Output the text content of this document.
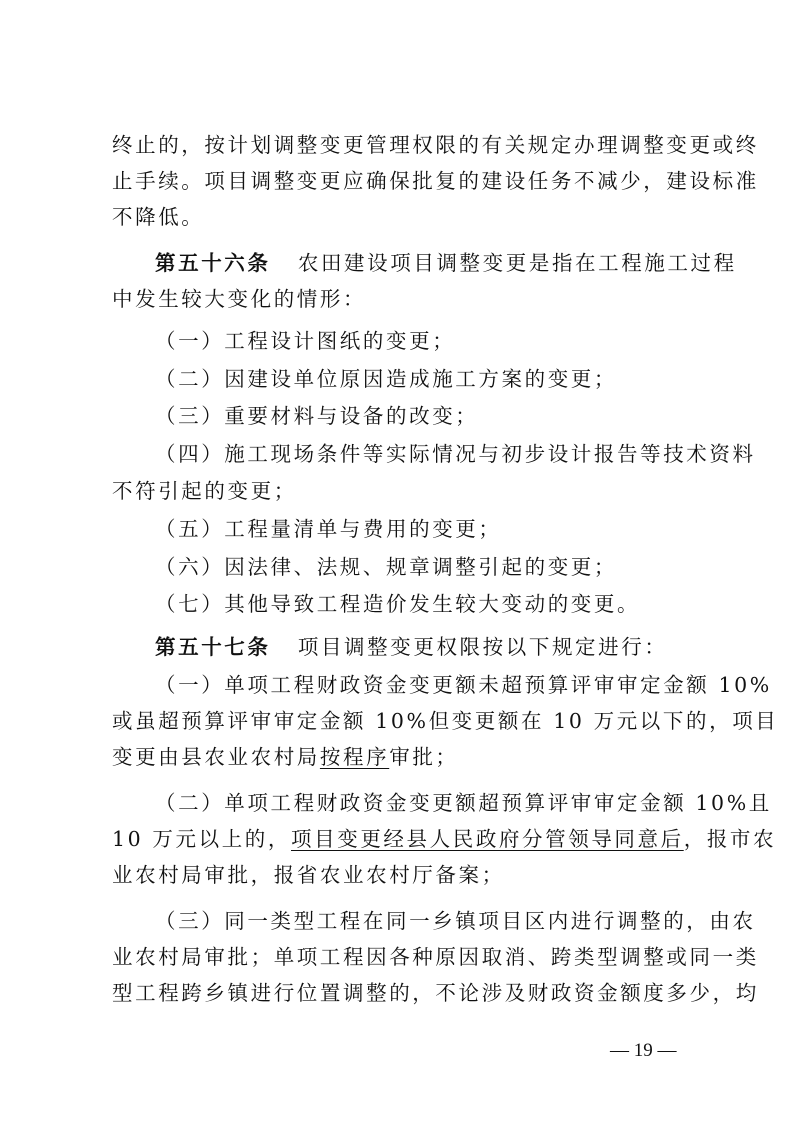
终止的，按计划调整变更管理权限的有关规定办理调整变更或终
止手续。项目调整变更应确保批复的建设任务不减少，建设标准
不降低。
第五十六条 农田建设项目调整变更是指在工程施工过程
中发生较大变化的情形：
（一）工程设计图纸的变更；
（二）因建设单位原因造成施工方案的变更；
（三）重要材料与设备的改变；
（四）施工现场条件等实际情况与初步设计报告等技术资料
不符引起的变更；
（五）工程量清单与费用的变更；
（六）因法律、法规、规章调整引起的变更；
（七）其他导致工程造价发生较大变动的变更。
第五十七条 项目调整变更权限按以下规定进行：
（一）单项工程财政资金变更额未超预算评审审定金额 10%
或虽超预算评审审定金额 10%但变更额在 10 万元以下的，项目
变更由县农业农村局按程序审批；
（二）单项工程财政资金变更额超预算评审审定金额 10%且
10 万元以上的，项目变更经县人民政府分管领导同意后，报市农
业农村局审批，报省农业农村厅备案；
（三）同一类型工程在同一乡镇项目区内进行调整的，由农
业农村局审批；单项工程因各种原因取消、跨类型调整或同一类
型工程跨乡镇进行位置调整的，不论涉及财政资金额度多少，均
— 19 —
